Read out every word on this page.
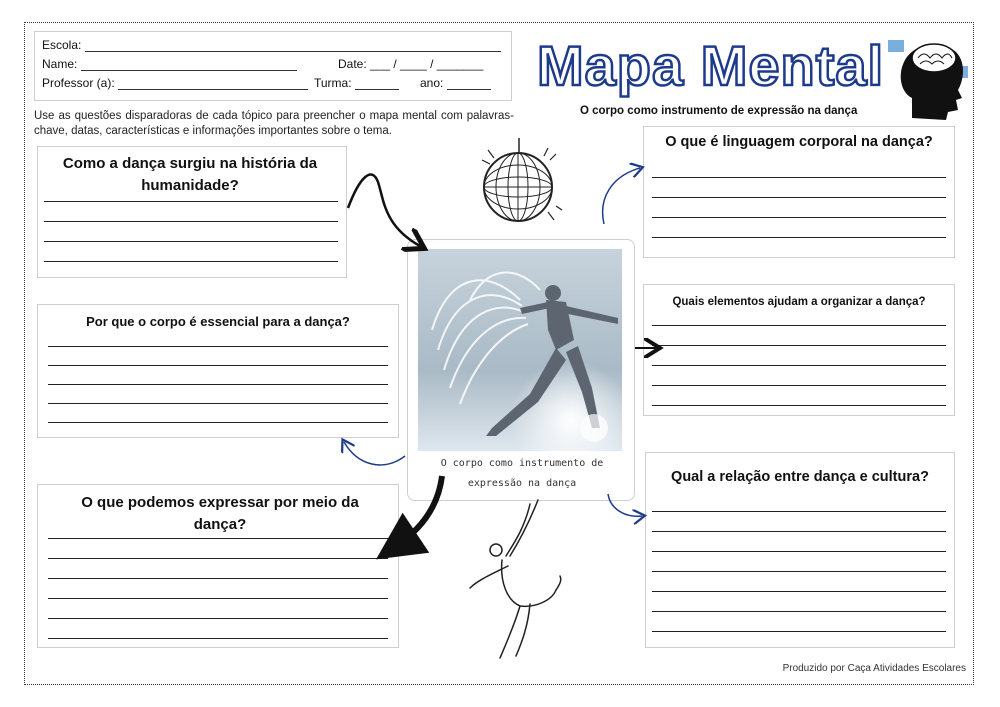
Escola:
Name:	Date: ___ / ____ / _______
Professor (a):	Turma:	ano:	Mapa Mental
O corpo como instrumento de expressão na dança
Use as questões disparadoras de cada tópico para preencher o mapa mental com palavras-chave, datas, características e informações importantes sobre o tema.
Como a dança surgiu na história da humanidade?
Por que o corpo é essencial para a dança?
O que podemos expressar por meio da dança?
O que é linguagem corporal na dança?
Quais elementos ajudam a organizar a dança?
Qual a relação entre dança e cultura?
O corpo como instrumento de expressão na dança
Produzido por Caça Atividades Escolares
